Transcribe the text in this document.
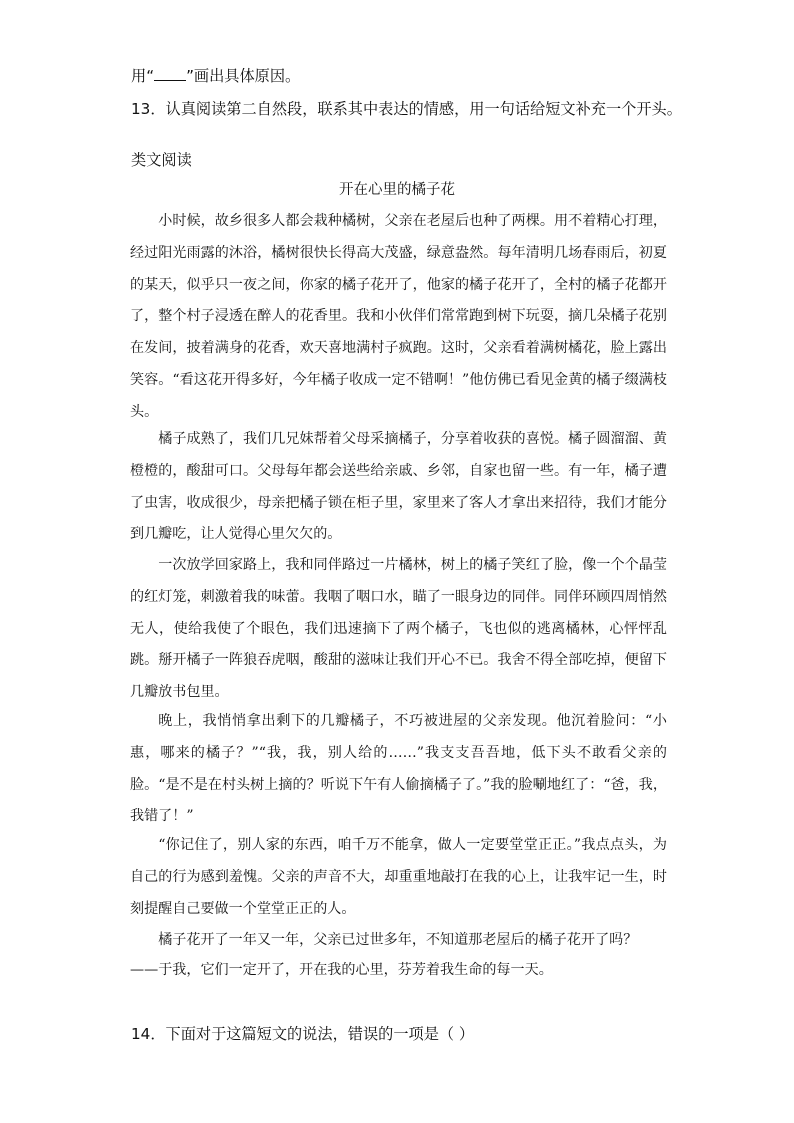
用“ ”画出具体原因。
13．认真阅读第二自然段，联系其中表达的情感，用一句话给短文补充一个开头。
类文阅读
开在心里的橘子花

小时候，故乡很多人都会栽种橘树，父亲在老屋后也种了两棵。用不着精心打理，经过阳光雨露的沐浴，橘树很快长得高大茂盛，绿意盎然。每年清明几场春雨后，初夏的某天，似乎只一夜之间，你家的橘子花开了，他家的橘子花开了，全村的橘子花都开了，整个村子浸透在醉人的花香里。我和小伙伴们常常跑到树下玩耍，摘几朵橘子花别在发间，披着满身的花香，欢天喜地满村子疯跑。这时，父亲看着满树橘花，脸上露出笑容。“看这花开得多好，今年橘子收成一定不错啊！”他仿佛已看见金黄的橘子缀满枝头。

橘子成熟了，我们几兄妹帮着父母采摘橘子，分享着收获的喜悦。橘子圆溜溜、黄橙橙的，酸甜可口。父母每年都会送些给亲戚、乡邻，自家也留一些。有一年，橘子遭了虫害，收成很少，母亲把橘子锁在柜子里，家里来了客人才拿出来招待，我们才能分到几瓣吃，让人觉得心里欠欠的。

一次放学回家路上，我和同伴路过一片橘林，树上的橘子笑红了脸，像一个个晶莹的红灯笼，刺激着我的味蕾。我咽了咽口水，瞄了一眼身边的同伴。同伴环顾四周悄然无人，使给我使了个眼色，我们迅速摘下了两个橘子，飞也似的逃离橘林，心怦怦乱跳。掰开橘子一阵狼吞虎咽，酸甜的滋味让我们开心不已。我舍不得全部吃掉，便留下几瓣放书包里。

晚上，我悄悄拿出剩下的几瓣橘子，不巧被进屋的父亲发现。他沉着脸问：“小惠，哪来的橘子？”“我，我，别人给的……”我支支吾吾地，低下头不敢看父亲的脸。“是不是在村头树上摘的？听说下午有人偷摘橘子了。”我的脸唰地红了：“爸，我，我错了！”

“你记住了，别人家的东西，咱千万不能拿，做人一定要堂堂正正。”我点点头，为自己的行为感到羞愧。父亲的声音不大，却重重地敲打在我的心上，让我牢记一生，时刻提醒自己要做一个堂堂正正的人。

橘子花开了一年又一年，父亲已过世多年，不知道那老屋后的橘子花开了吗？

——于我，它们一定开了，开在我的心里，芬芳着我生命的每一天。

14．下面对于这篇短文的说法，错误的一项是（ ）
